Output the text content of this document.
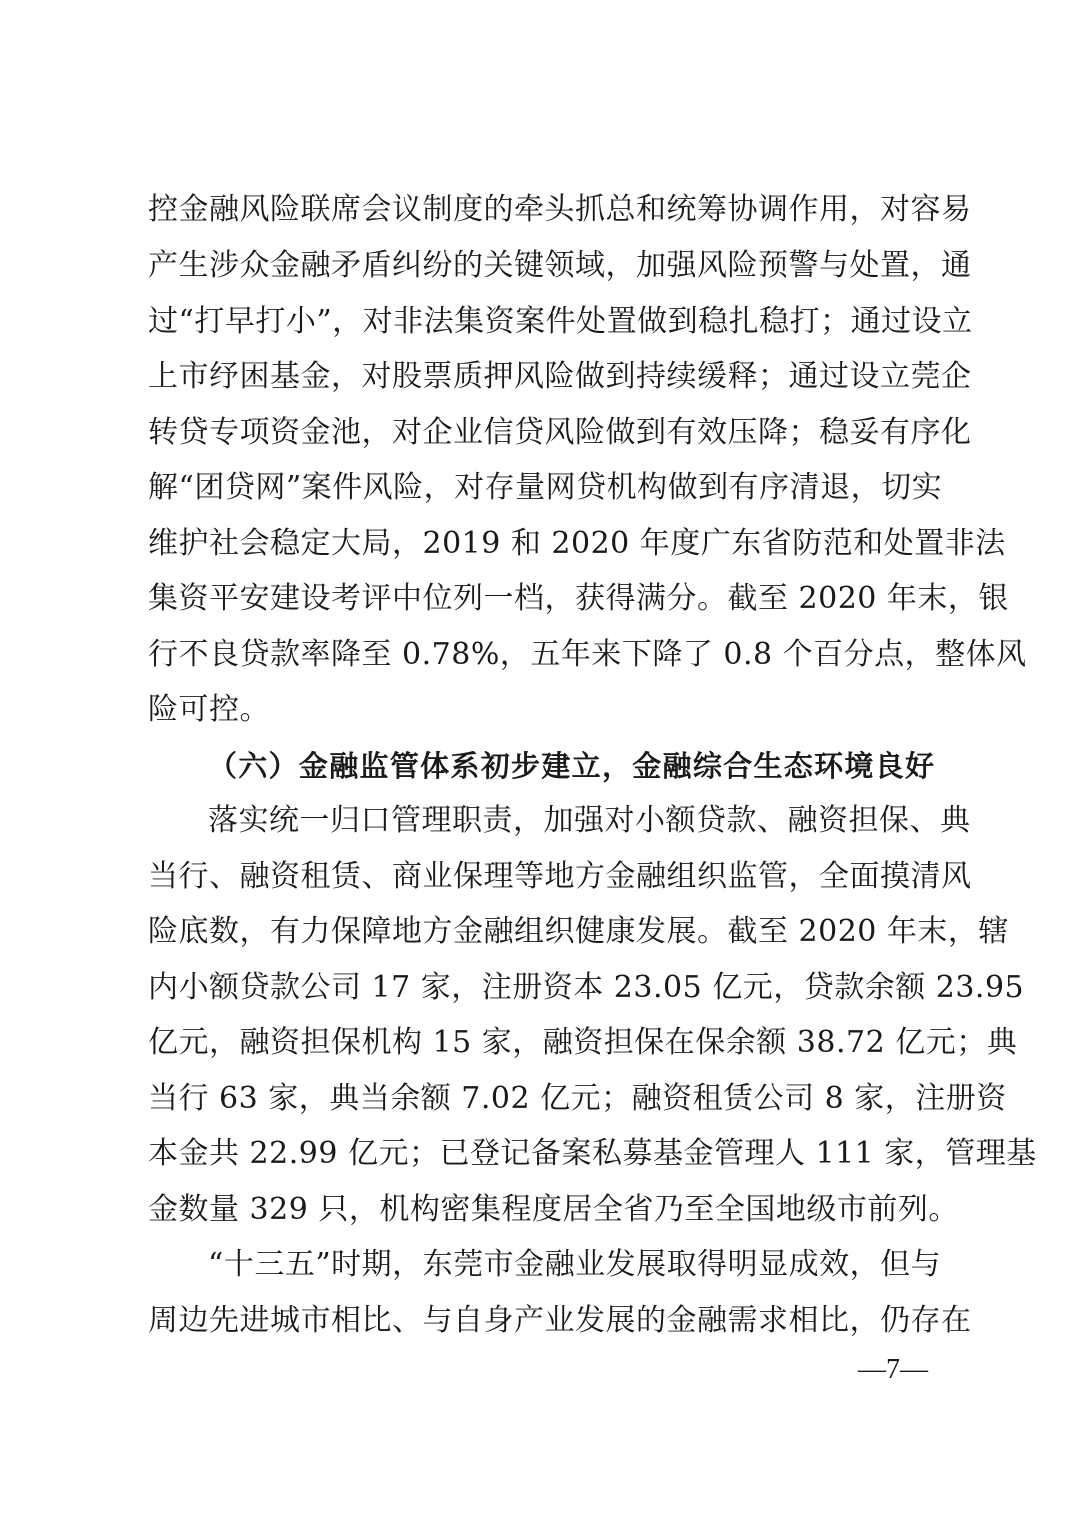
控金融风险联席会议制度的牵头抓总和统筹协调作用，对容易
产生涉众金融矛盾纠纷的关键领域，加强风险预警与处置，通
过“打早打小”，对非法集资案件处置做到稳扎稳打；通过设立
上市纾困基金，对股票质押风险做到持续缓释；通过设立莞企
转贷专项资金池，对企业信贷风险做到有效压降；稳妥有序化
解“团贷网”案件风险，对存量网贷机构做到有序清退，切实
维护社会稳定大局，2019 和 2020 年度广东省防范和处置非法
集资平安建设考评中位列一档，获得满分。截至 2020 年末，银
行不良贷款率降至 0.78%，五年来下降了 0.8 个百分点，整体风
险可控。
（六）金融监管体系初步建立，金融综合生态环境良好
落实统一归口管理职责，加强对小额贷款、融资担保、典
当行、融资租赁、商业保理等地方金融组织监管，全面摸清风
险底数，有力保障地方金融组织健康发展。截至 2020 年末，辖
内小额贷款公司 17 家，注册资本 23.05 亿元，贷款余额 23.95
亿元，融资担保机构 15 家，融资担保在保余额 38.72 亿元；典
当行 63 家，典当余额 7.02 亿元；融资租赁公司 8 家，注册资
本金共 22.99 亿元；已登记备案私募基金管理人 111 家，管理基
金数量 329 只，机构密集程度居全省乃至全国地级市前列。
“十三五”时期，东莞市金融业发展取得明显成效，但与
周边先进城市相比、与自身产业发展的金融需求相比，仍存在
—7—
